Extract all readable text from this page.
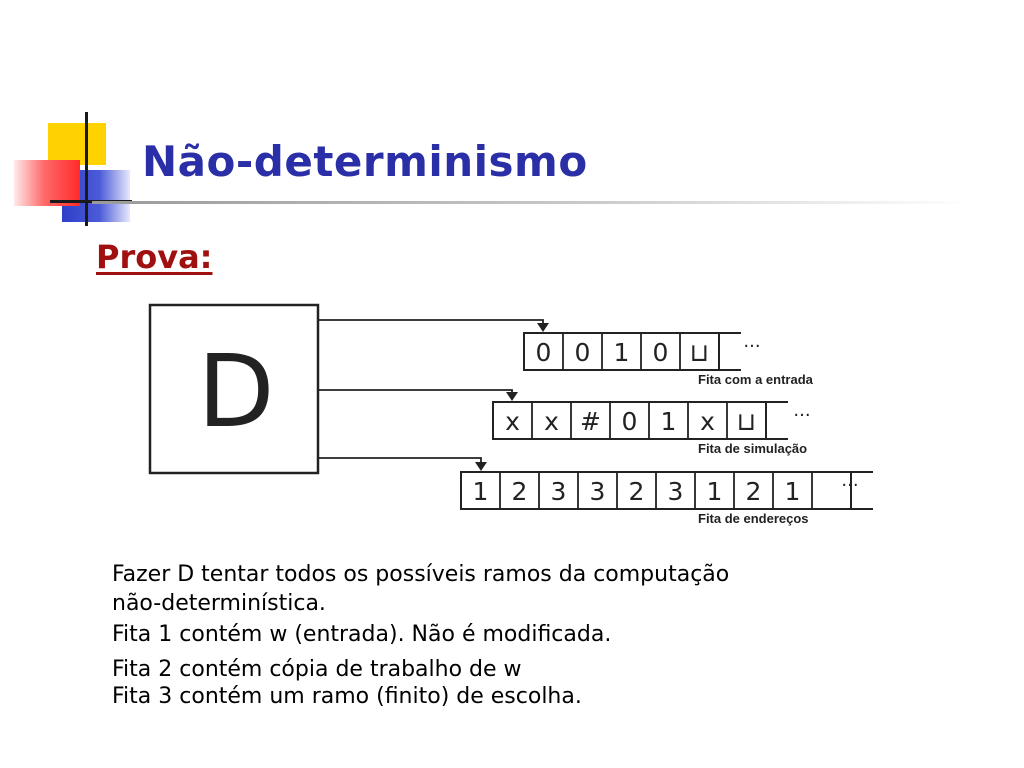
Não-determinismo
Prova:
D	0 0 1 0 ⊔ ...
Fita com a entrada
x x # 0 1 x ⊔ ...
Fita de simulação
1 2 3 3 2 3 1 2 1 ...
Fita de endereços
Fazer D tentar todos os possíveis ramos da computação
não-determinística.
Fita 1 contém w (entrada). Não é modificada.
Fita 2 contém cópia de trabalho de w
Fita 3 contém um ramo (finito) de escolha.
